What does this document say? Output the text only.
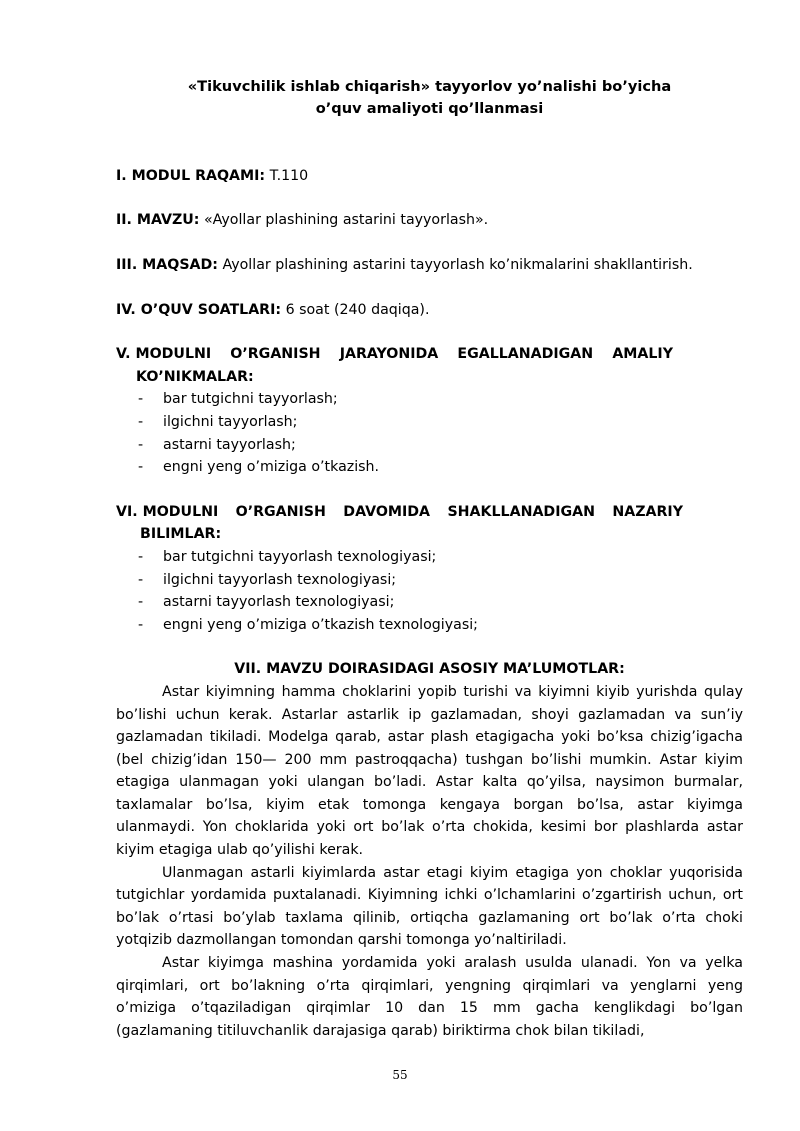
«Tikuvchilik ishlab chiqarish» tayyorlov yo’nalishi bo’yicha
o’quv amaliyoti qo’llanmasi
I. MODUL RAQAMI: T.110
II. MAVZU: «Ayollar plashining astarini tayyorlash».
III. MAQSAD: Ayollar plashining astarini tayyorlash ko’nikmalarini shakllantirish.
IV. O’QUV SOATLARI: 6 soat (240 daqiqa).
V. MODULNI O’RGANISH JARAYONIDA EGALLANADIGAN AMALIY
KO’NIKMALAR:
- bar tutgichni tayyorlash;
- ilgichni tayyorlash;
- astarni tayyorlash;
- engni yeng o’miziga o’tkazish.
VI. MODULNI O’RGANISH DAVOMIDA SHAKLLANADIGAN NAZARIY
BILIMLAR:
- bar tutgichni tayyorlash texnologiyasi;
- ilgichni tayyorlash texnologiyasi;
- astarni tayyorlash texnologiyasi;
- engni yeng o’miziga o’tkazish texnologiyasi;
VII. MAVZU DOIRASIDAGI ASOSIY MA’LUMOTLAR:

Astar kiyimning hamma choklarini yopib turishi va kiyimni kiyib yurishda qulay bo’lishi uchun kerak. Astarlar astarlik ip gazlamadan, shoyi gazlamadan va sun’iy gazlamadan tikiladi. Modelga qarab, astar plash etagigacha yoki bo’ksa chizig’igacha (bel chizig’idan 150— 200 mm pastroqqacha) tushgan bo’lishi mumkin. Astar kiyim etagiga ulanmagan yoki ulangan bo’ladi. Astar kalta qo’yilsa, naysimon burmalar, taxlamalar bo’lsa, kiyim etak tomonga kengaya borgan bo’lsa, astar kiyimga ulanmaydi. Yon choklarida yoki ort bo’lak o’rta chokida, kesimi bor plashlarda astar kiyim etagiga ulab qo’yilishi kerak.

Ulanmagan astarli kiyimlarda astar etagi kiyim etagiga yon choklar yuqorisida tutgichlar yordamida puxtalanadi. Kiyimning ichki o’lchamlarini o’zgartirish uchun, ort bo’lak o’rtasi bo’ylab taxlama qilinib, ortiqcha gazlamaning ort bo’lak o’rta choki yotqizib dazmollangan tomondan qarshi tomonga yo’naltiriladi.

Astar kiyimga mashina yordamida yoki aralash usulda ulanadi. Yon va yelka qirqimlari, ort bo’lakning o’rta qirqimlari, yengning qirqimlari va yenglarni yeng o’miziga o’tqaziladigan qirqimlar 10 dan 15 mm gacha kenglikdagi bo’lgan (gazlamaning titiluvchanlik darajasiga qarab) biriktirma chok bilan tikiladi,

55
